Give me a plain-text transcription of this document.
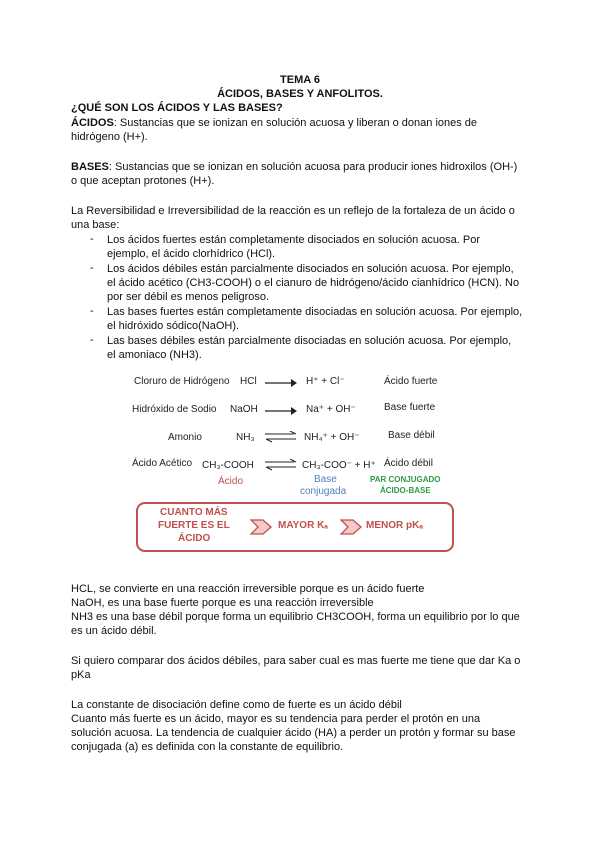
TEMA 6
ÁCIDOS, BASES Y ANFOLITOS.
¿QUÉ SON LOS ÁCIDOS Y LAS BASES?
ÁCIDOS: Sustancias que se ionizan en solución acuosa y liberan o donan iones de
hidrógeno (H+).
BASES: Sustancias que se ionizan en solución acuosa para producir iones hidroxilos (OH-)
o que aceptan protones (H+).
La Reversibilidad e Irreversibilidad de la reacción es un reflejo de la fortaleza de un ácido o
una base:
- Los ácidos fuertes están completamente disociados en solución acuosa. Por
ejemplo, el ácido clorhídrico (HCl).
- Los ácidos débiles están parcialmente disociados en solución acuosa. Por ejemplo,
el ácido acético (CH3-COOH) o el cianuro de hidrógeno/ácido cianhídrico (HCN). No
por ser débil es menos peligroso.
- Las bases fuertes están completamente disociadas en solución acuosa. Por ejemplo,
el hidróxido sódico(NaOH).
- Las bases débiles están parcialmente disociadas en solución acuosa. Por ejemplo,
el amoniaco (NH3).
Cloruro de Hidrógeno HCl	H⁺ + Cl⁻	Ácido fuerte
Hidróxido de Sodio NaOH	Na⁺ + OH⁻	Base fuerte
Amonio	NH₃ ⇌ NH₄⁺ + OH⁻	Base débil
Ácido Acético CH₃-COOH ⇌ CH₃-COO⁻ + H⁺ Ácido débil
Ácido	Base
conjugada
PAR CONJUGADO
ÁCIDO-BASE
CUANTO MÁS
FUERTE ES EL
ÁCIDO
MAYOR Kₐ	MENOR pKₐ
HCL, se convierte en una reacción irreversible porque es un ácido fuerte
NaOH, es una base fuerte porque es una reacción irreversible
NH3 es una base débil porque forma un equilibrio CH3COOH, forma un equilibrio por lo que
es un ácido débil.
Si quiero comparar dos ácidos débiles, para saber cual es mas fuerte me tiene que dar Ka o
pKa
La constante de disociación define como de fuerte es un ácido débil
Cuanto más fuerte es un ácido, mayor es su tendencia para perder el protón en una
solución acuosa. La tendencia de cualquier ácido (HA) a perder un protón y formar su base
conjugada (a) es definida con la constante de equilibrio.
